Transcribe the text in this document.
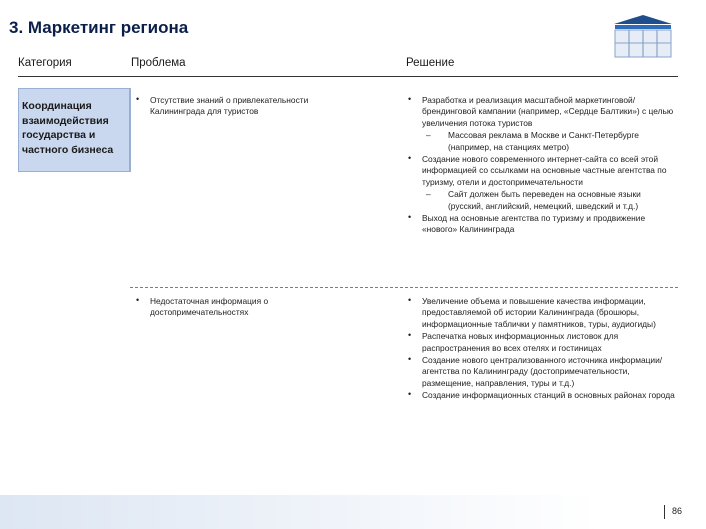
3. Маркетинг региона
Категория	Проблема	Решение
Координация взаимодействия государства и частного бизнеса
• Отсутствие знаний о привлекательности Калининграда для туристов
• Разработка и реализация масштабной маркетинговой/брендинговой кампании (например, «Сердце Балтики») с целью увеличения потока туристов
– Массовая реклама в Москве и Санкт-Петербурге (например, на станциях метро)
• Создание нового современного интернет-сайта со всей этой информацией со ссылками на основные частные агентства по туризму, отели и достопримечательности
– Сайт должен быть переведен на основные языки (русский, английский, немецкий, шведский и т.д.)
• Выход на основные агентства по туризму и продвижение «нового» Калининграда
• Недостаточная информация о достопримечательностях
• Увеличение объема и повышение качества информации, предоставляемой об истории Калининграда (брошюры, информационные таблички у памятников, туры, аудиогиды)
• Распечатка новых информационных листовок для распространения во всех отелях и гостиницах
• Создание нового централизованного источника информации/агентства по Калининграду (достопримечательности, размещение, направления, туры и т.д.)
• Создание информационных станций в основных районах города
86
